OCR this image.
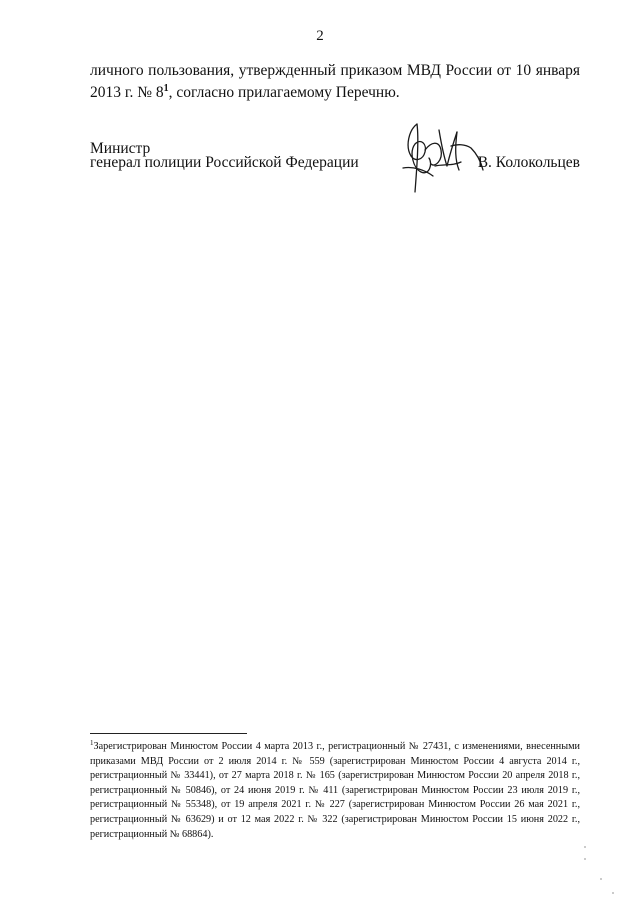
2
личного пользования, утвержденный приказом МВД России от 10 января 2013 г. № $8^1$, согласно прилагаемому Перечню.
Министр
генерал полиции Российской Федерации	В. Колокольцев
$^1$Зарегистрирован Минюстом России 4 марта 2013 г., регистрационный № 27431, с изменениями, внесенными приказами МВД России от 2 июля 2014 г. № 559 (зарегистрирован Минюстом России 4 августа 2014 г., регистрационный № 33441), от 27 марта 2018 г. № 165 (зарегистрирован Минюстом России 20 апреля 2018 г., регистрационный № 50846), от 24 июня 2019 г. № 411 (зарегистрирован Минюстом России 23 июля 2019 г., регистрационный № 55348), от 19 апреля 2021 г. № 227 (зарегистрирован Минюстом России 26 мая 2021 г., регистрационный № 63629) и от 12 мая 2022 г. № 322 (зарегистрирован Минюстом России 15 июня 2022 г., регистрационный № 68864).
